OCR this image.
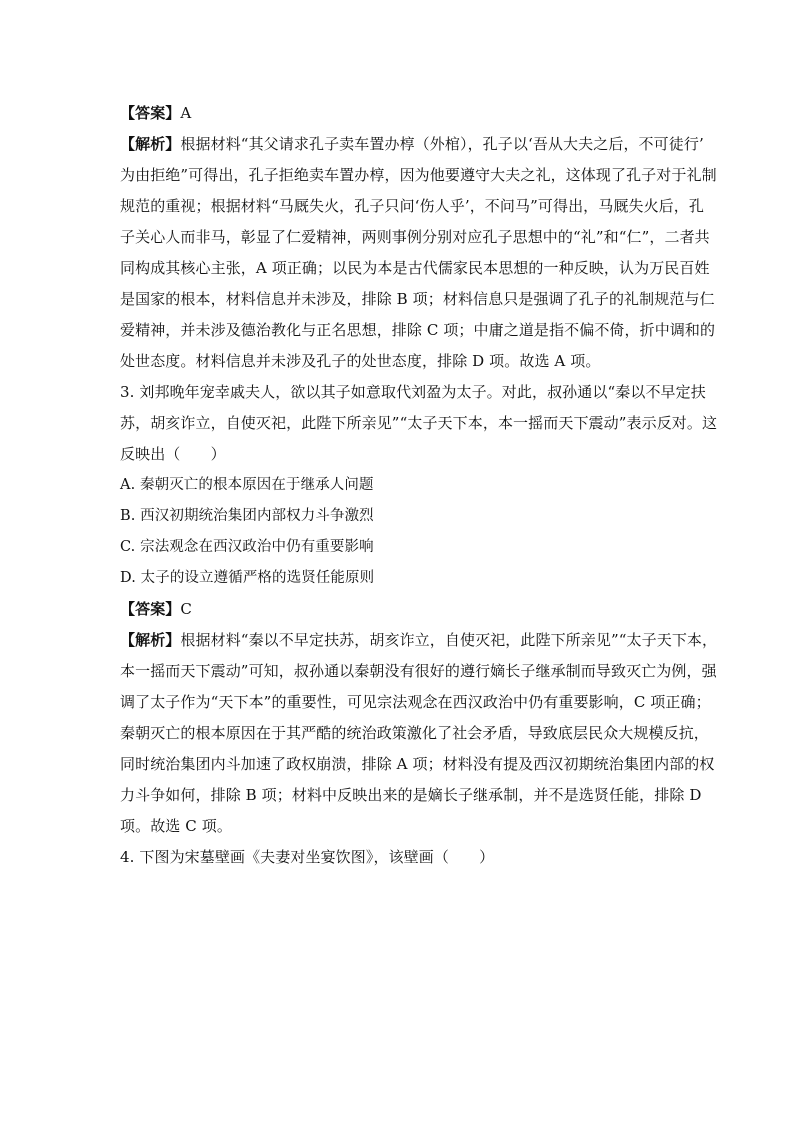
【答案】A
【解析】根据材料“其父请求孔子卖车置办椁（外棺），孔子以‘吾从大夫之后，不可徒行’
为由拒绝”可得出，孔子拒绝卖车置办椁，因为他要遵守大夫之礼，这体现了孔子对于礼制
规范的重视；根据材料“马厩失火，孔子只问‘伤人乎’，不问马”可得出，马厩失火后，孔
子关心人而非马，彰显了仁爱精神，两则事例分别对应孔子思想中的“礼”和“仁”，二者共
同构成其核心主张，A 项正确；以民为本是古代儒家民本思想的一种反映，认为万民百姓
是国家的根本，材料信息并未涉及，排除 B 项；材料信息只是强调了孔子的礼制规范与仁
爱精神，并未涉及德治教化与正名思想，排除 C 项；中庸之道是指不偏不倚，折中调和的
处世态度。材料信息并未涉及孔子的处世态度，排除 D 项。故选 A 项。
3. 刘邦晚年宠幸戚夫人，欲以其子如意取代刘盈为太子。对此，叔孙通以“秦以不早定扶
苏，胡亥诈立，自使灭祀，此陛下所亲见”“太子天下本，本一摇而天下震动”表示反对。这
反映出（　　）
A. 秦朝灭亡的根本原因在于继承人问题
B. 西汉初期统治集团内部权力斗争激烈
C. 宗法观念在西汉政治中仍有重要影响
D. 太子的设立遵循严格的选贤任能原则
【答案】C
【解析】根据材料“秦以不早定扶苏，胡亥诈立，自使灭祀，此陛下所亲见”“太子天下本，
本一摇而天下震动”可知，叔孙通以秦朝没有很好的遵行嫡长子继承制而导致灭亡为例，强
调了太子作为“天下本”的重要性，可见宗法观念在西汉政治中仍有重要影响，C 项正确；
秦朝灭亡的根本原因在于其严酷的统治政策激化了社会矛盾，导致底层民众大规模反抗，
同时统治集团内斗加速了政权崩溃，排除 A 项；材料没有提及西汉初期统治集团内部的权
力斗争如何，排除 B 项；材料中反映出来的是嫡长子继承制，并不是选贤任能，排除 D
项。故选 C 项。
4. 下图为宋墓壁画《夫妻对坐宴饮图》，该壁画（　　）
